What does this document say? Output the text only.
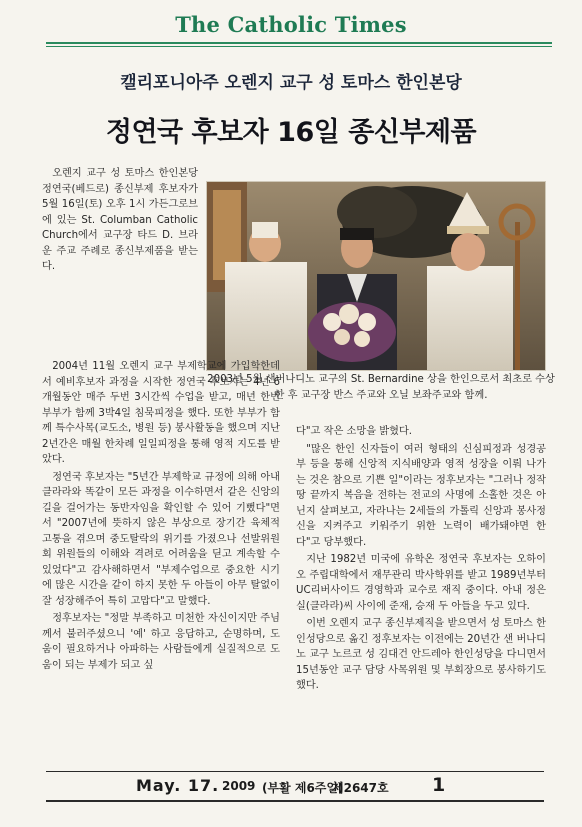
The Catholic Times
캘리포니아주 오렌지 교구 성 토마스 한인본당
정연국 후보자 16일 종신부제품

오렌지 교구 성 토마스 한인본당 정연국(베드로) 종신부제 후보자가 5월 16일(토) 오후 1시 가든그로브에 있는 St. Columban Catholic Church에서 교구장 타드 D. 브라운 주교 주례로 종신부제품을 받는다.

2003년 5월 샌버나디노 교구의 St. Bernardine 상을 한인으로서 최초로 수상한 후 교구장 반스 주교와 오닐 보좌주교와 함께.

2004년 11월 오렌지 교구 부제학교에 가입학한데서 예비후보자 과정을 시작한 정연국 후보자는 4년 6개월동안 매주 두번 3시간씩 수업을 받고, 매년 한번 부부가 함께 3박4일 침묵피정을 했다. 또한 부부가 함께 특수사목(교도소, 병원 등) 봉사활동을 했으며 지난 2년간은 매월 한차례 일일피정을 통해 영적 지도를 받았다.

정연국 후보자는 "5년간 부제학교 규정에 의해 아내 클라라와 똑같이 모든 과정을 이수하면서 같은 신앙의 길을 걸어가는 동반자임을 확인할 수 있어 기뻤다"면서 "2007년에 뜻하지 않은 부상으로 장기간 육체적 고통을 겪으며 중도탈락의 위기를 가졌으나 선발위원회 위원들의 이해와 격려로 어려움을 딛고 계속할 수 있었다"고 감사해하면서 "부제수업으로 중요한 시기에 많은 시간을 같이 하지 못한 두 아들이 아무 탈없이 잘 성장해주어 특히 고맙다"고 말했다.

정후보자는 "정말 부족하고 미천한 자신이지만 주님께서 불러주셨으니 '예' 하고 응답하고, 순명하며, 도움이 필요하거나 아파하는 사람들에게 실질적으로 도움이 되는 부제가 되고 싶

다"고 작은 소망을 밝혔다.

"많은 한인 신자들이 여러 형태의 신심피정과 성경공부 등을 통해 신앙적 지식배양과 영적 성장을 이뤄 나가는 것은 참으로 기쁜 일"이라는 정후보자는 "그러나 정작 땅 끝까지 복음을 전하는 전교의 사명에 소홀한 것은 아닌지 살펴보고, 자라나는 2세들의 가톨릭 신앙과 봉사정신을 지켜주고 키워주기 위한 노력이 배가돼야면 한다"고 당부했다.

지난 1982년 미국에 유학온 정연국 후보자는 오하이오 주립대학에서 재무관리 박사학위를 받고 1989년부터 UC리버사이드 경영학과 교수로 재직 중이다. 아내 정은실(클라라)씨 사이에 준재, 승재 두 아들을 두고 있다.

이번 오렌지 교구 종신부제직을 받으면서 성 토마스 한인성당으로 옮긴 정후보자는 이전에는 20년간 샌 버나디노 교구 노르코 성 김대건 안드레아 한인성당을 다니면서 15년동안 교구 담당 사목위원 및 부회장으로 봉사하기도 했다.

May. 17. 2009 (부활 제6주일)
제2647호 1
